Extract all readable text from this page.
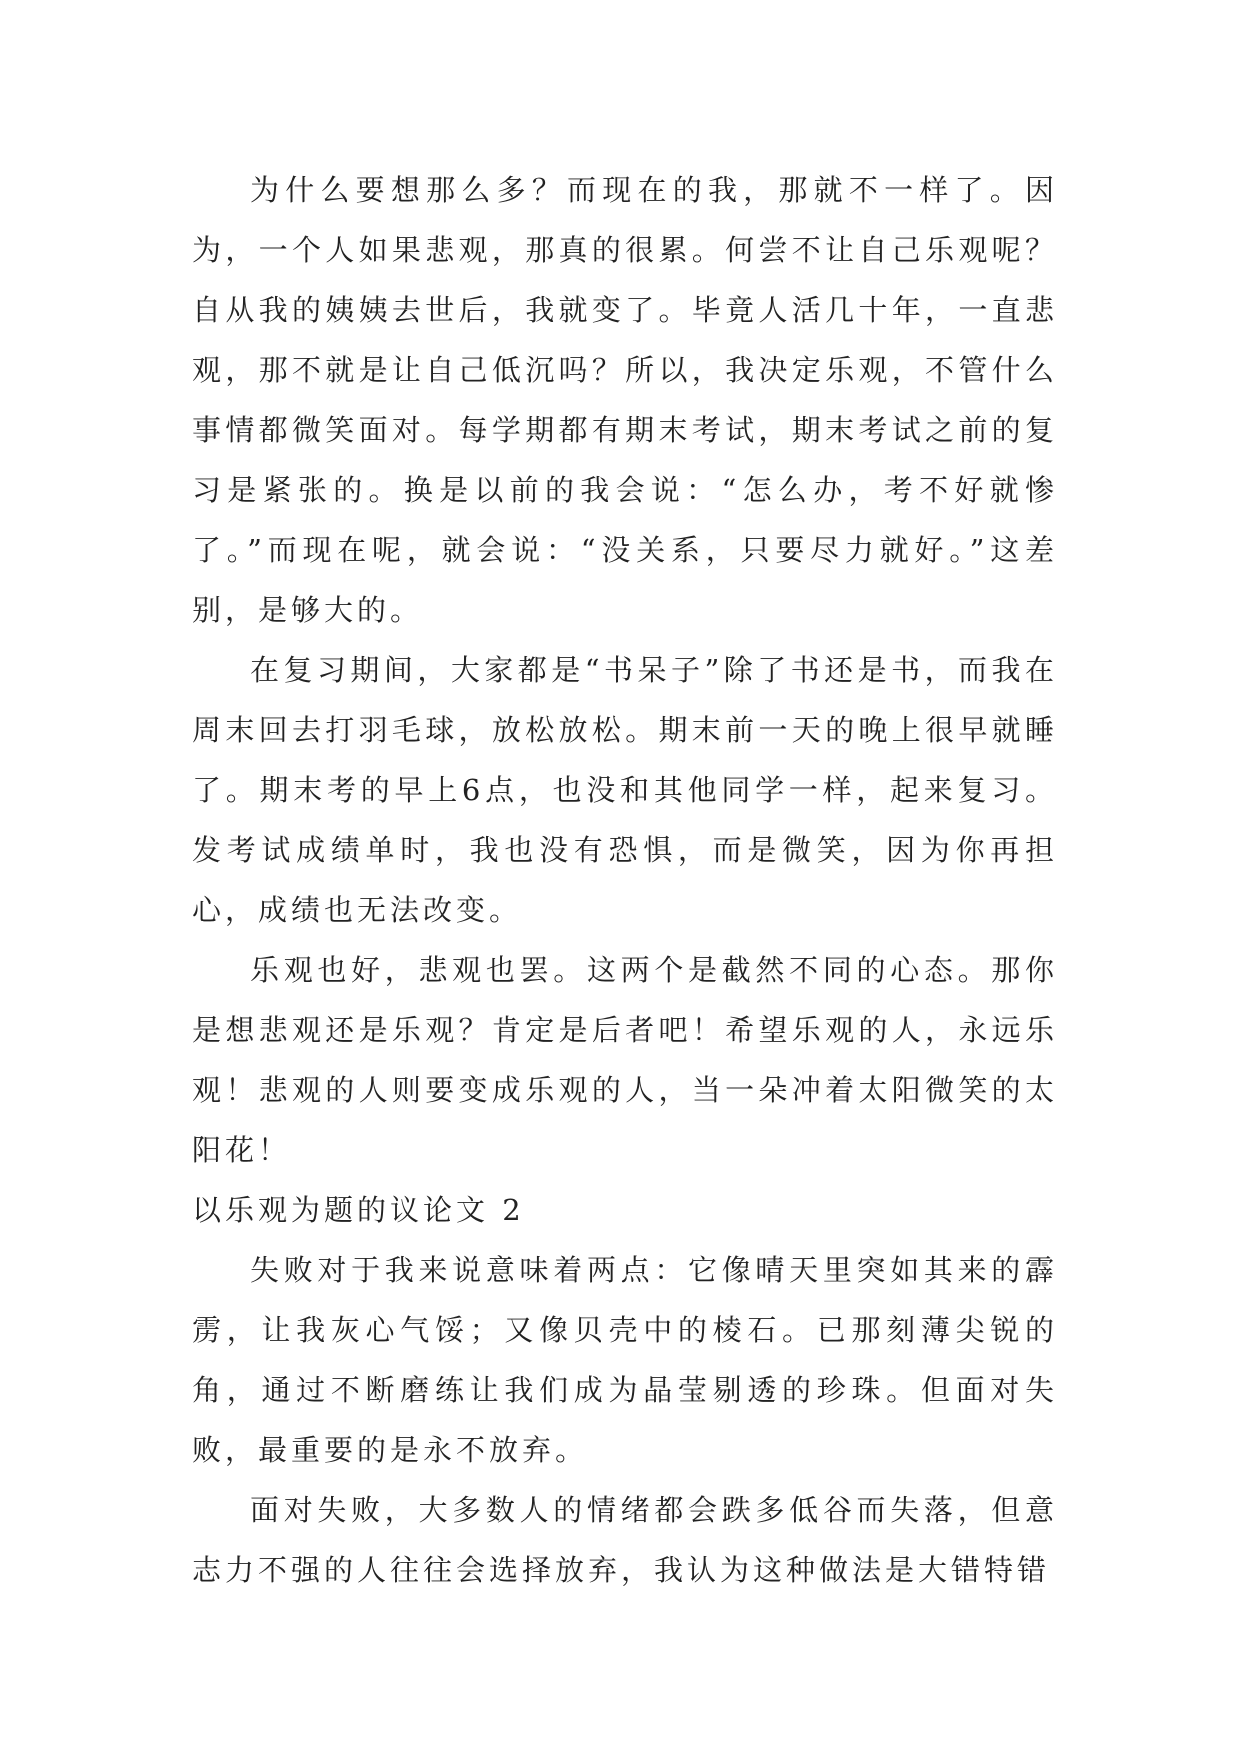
为什么要想那么多？而现在的我，那就不一样了。因为，一个人如果悲观，那真的很累。何尝不让自己乐观呢？自从我的姨姨去世后，我就变了。毕竟人活几十年，一直悲观，那不就是让自己低沉吗？所以，我决定乐观，不管什么事情都微笑面对。每学期都有期末考试，期末考试之前的复习是紧张的。换是以前的我会说：“怎么办，考不好就惨了。”而现在呢，就会说：“没关系，只要尽力就好。”这差别，是够大的。

在复习期间，大家都是“书呆子”除了书还是书，而我在周末回去打羽毛球，放松放松。期末前一天的晚上很早就睡了。期末考的早上6点，也没和其他同学一样，起来复习。发考试成绩单时，我也没有恐惧，而是微笑，因为你再担心，成绩也无法改变。

乐观也好，悲观也罢。这两个是截然不同的心态。那你是想悲观还是乐观？肯定是后者吧！希望乐观的人，永远乐观！悲观的人则要变成乐观的人，当一朵冲着太阳微笑的太阳花！

以乐观为题的议论文 2

失败对于我来说意味着两点：它像晴天里突如其来的霹雳，让我灰心气馁；又像贝壳中的棱石。已那刻薄尖锐的角，通过不断磨练让我们成为晶莹剔透的珍珠。但面对失败，最重要的是永不放弃。

面对失败，大多数人的情绪都会跌多低谷而失落，但意志力不强的人往往会选择放弃，我认为这种做法是大错特错
